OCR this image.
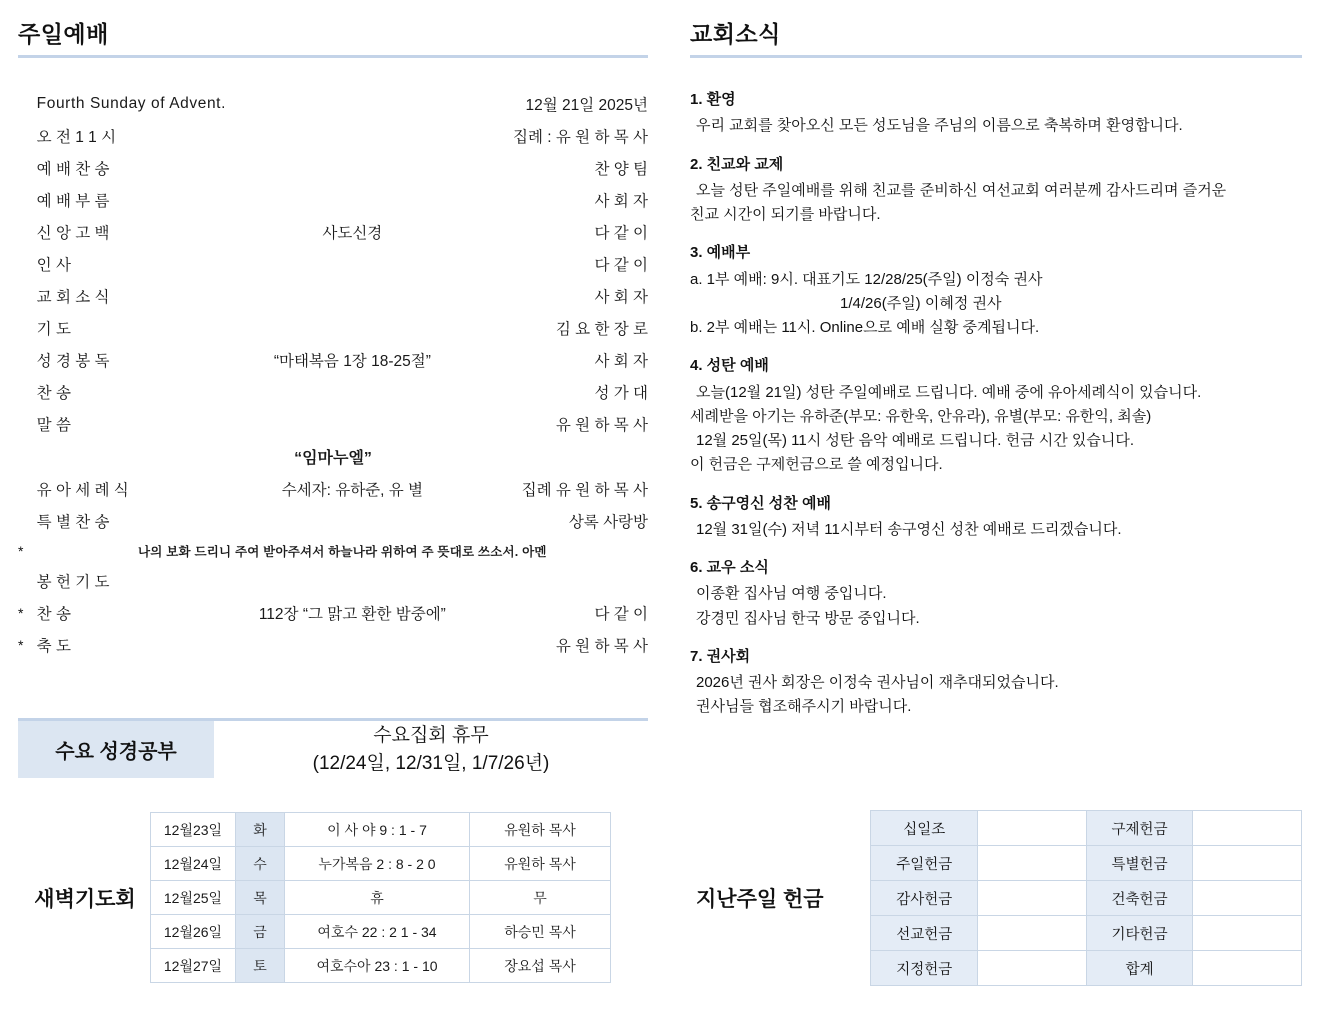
주일예배
	Fourth Sunday of Advent.		12월 21일 2025년
	오 전 1 1 시		집례 : 유 원 하 목 사
	예 배 찬 송		찬 양 팀
	예 배 부 름		사 회 자
	신 앙 고 백	사도신경	다 같 이
	인 사		다 같 이
	교 회 소 식		사 회 자
	기 도		김 요 한 장 로
	성 경 봉 독	“마태복음 1장 18-25절”	사 회 자
	찬 송		성 가 대
	말 씀		유 원 하 목 사
“임마누엘”			
	유 아 세 례 식	수세자: 유하준, 유 별	집례 유 원 하 목 사
	특 별 찬 송		상록 사랑방
*	나의 보화 드리니 주여 받아주셔서 하늘나라 위하여 주 뜻대로 쓰소서. 아멘		
	봉 헌 기 도		
*	찬 송	112장 “그 맑고 환한 밤중에”	다 같 이
*	축 도		유 원 하 목 사
수요 성경공부
수요집회 휴무
(12/24일, 12/31일, 1/7/26년)
새벽기도회
12월23일	화	이 사 야 9 : 1 - 7	유원하 목사
12월24일	수	누가복음 2 : 8 - 2 0	유원하 목사
12월25일	목	휴	무
12월26일	금	여호수 22 : 2 1 - 34	하승민 목사
12월27일	토	여호수아 23 : 1 - 10	장요섭 목사
교회소식
1. 환영

우리 교회를 찾아오신 모든 성도님을 주님의 이름으로 축복하며 환영합니다.

2. 친교와 교제

오늘 성탄 주일예배를 위해 친교를 준비하신 여선교회 여러분께 감사드리며 즐거운

친교 시간이 되기를 바랍니다.

3. 예배부

a. 1부 예배: 9시. 대표기도 12/28/25(주일) 이정숙 권사

1/4/26(주일) 이혜정 권사

b. 2부 예배는 11시. Online으로 예배 실황 중계됩니다.

4. 성탄 예배

오늘(12월 21일) 성탄 주일예배로 드립니다. 예배 중에 유아세례식이 있습니다.

세례받을 아기는 유하준(부모: 유한욱, 안유라), 유별(부모: 유한익, 최솔)

12월 25일(목) 11시 성탄 음악 예배로 드립니다. 헌금 시간 있습니다.

이 헌금은 구제헌금으로 쓸 예정입니다.

5. 송구영신 성찬 예배

12월 31일(수) 저녁 11시부터 송구영신 성찬 예배로 드리겠습니다.

6. 교우 소식

이종환 집사님 여행 중입니다.

강경민 집사님 한국 방문 중입니다.

7. 권사회

2026년 권사 회장은 이정숙 권사님이 재추대되었습니다.

권사님들 협조해주시기 바랍니다.

지난주일 헌금
십일조		구제헌금	
주일헌금		특별헌금	
감사헌금		건축헌금	
선교헌금		기타헌금	
지정헌금		합계	
